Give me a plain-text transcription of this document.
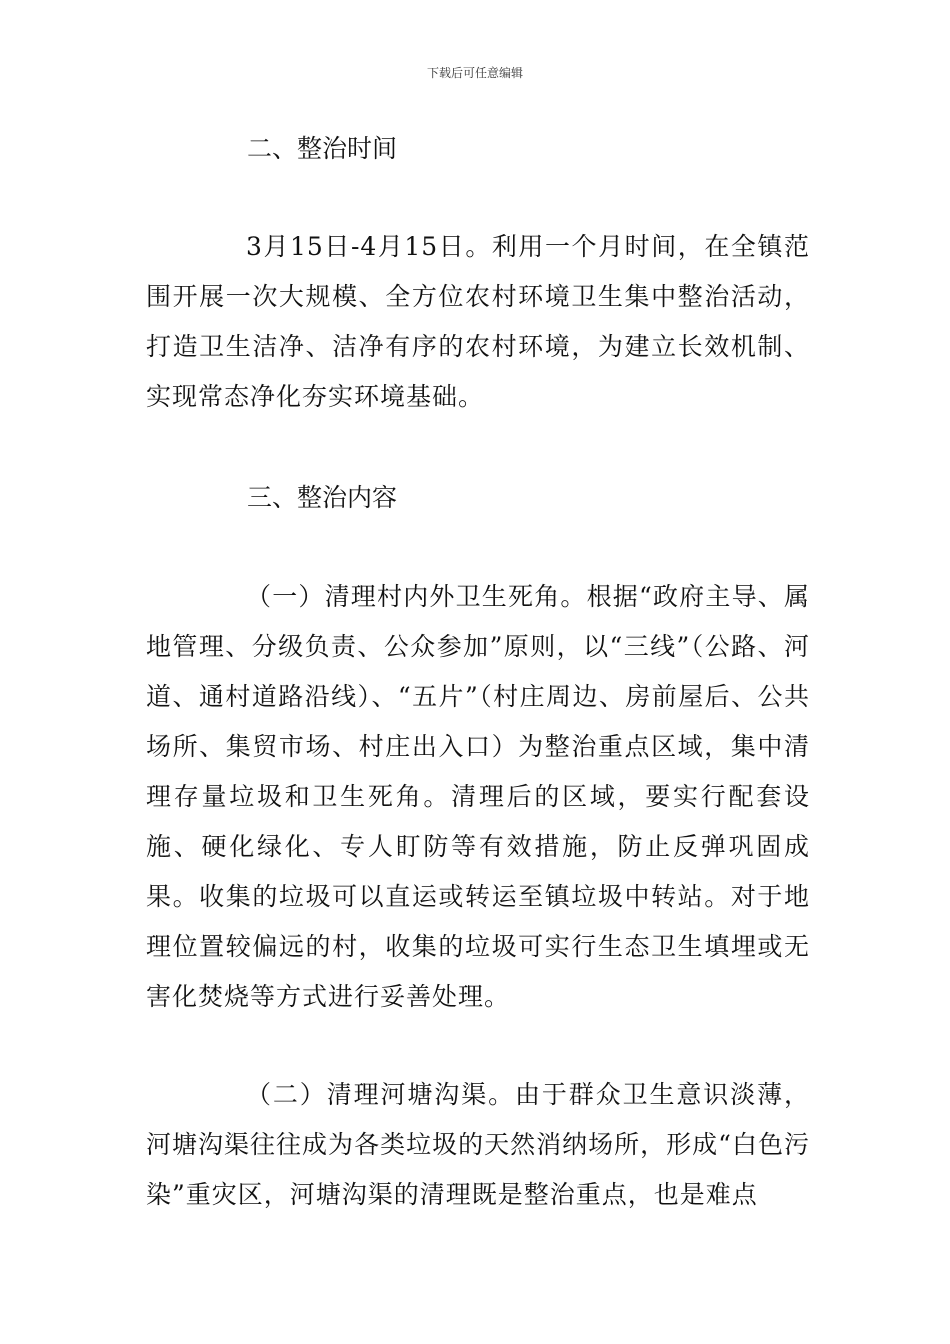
下载后可任意编辑
二、整治时间

3月15日-4月15日。利用一个月时间，在全镇范围开展一次大规模、全方位农村环境卫生集中整治活动，打造卫生洁净、洁净有序的农村环境，为建立长效机制、实现常态净化夯实环境基础。

三、整治内容

（一）清理村内外卫生死角。根据“政府主导、属地管理、分级负责、公众参加”原则，以“三线”（公路、河道、通村道路沿线）、“五片”（村庄周边、房前屋后、公共场所、集贸市场、村庄出入口）为整治重点区域，集中清理存量垃圾和卫生死角。清理后的区域，要实行配套设施、硬化绿化、专人盯防等有效措施，防止反弹巩固成果。收集的垃圾可以直运或转运至镇垃圾中转站。对于地理位置较偏远的村，收集的垃圾可实行生态卫生填埋或无害化焚烧等方式进行妥善处理。

（二）清理河塘沟渠。由于群众卫生意识淡薄，河塘沟渠往往成为各类垃圾的天然消纳场所，形成“白色污染”重灾区，河塘沟渠的清理既是整治重点，也是难点
